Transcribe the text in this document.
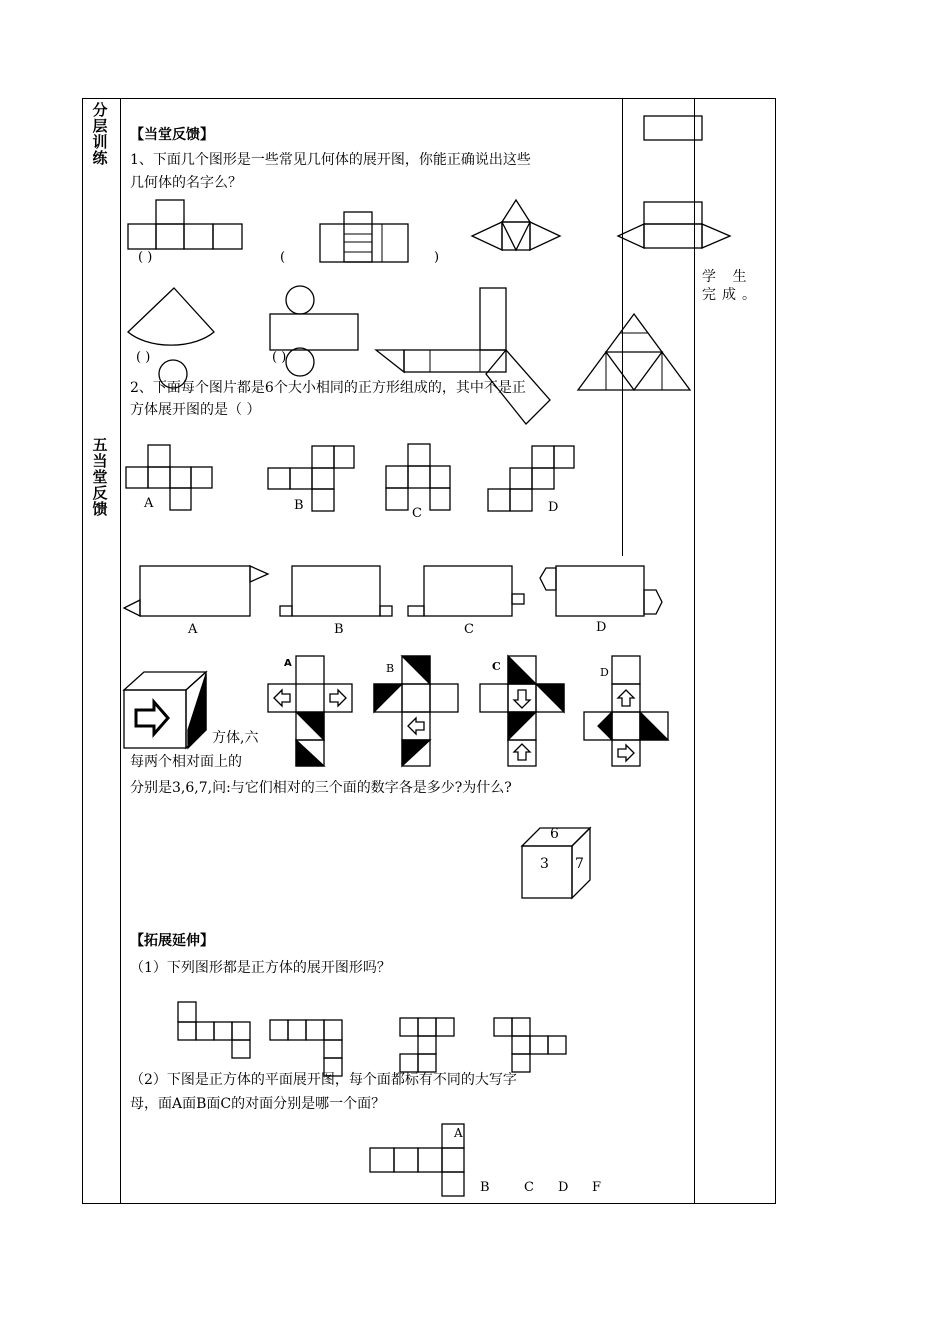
分层训练
五当堂反馈
学 生 完成。
【当堂反馈】
1、下面几个图形是一些常见几何体的展开图，你能正确说出这些
几何体的名字么？
( )	(	)
( )	( )
2、下面每个图片都是6个大小相同的正方形组成的，其中不是正
方体展开图的是（ ）
A	B
C	D
A	B	C	D
A	B	C	D
方体,六
每两个相对面上的
分别是3,6,7,问:与它们相对的三个面的数字各是多少?为什么?
6
3 7
【拓展延伸】
（1）下列图形都是正方体的展开图形吗？
（2）下图是正方体的平面展开图，每个面都标有不同的大写字
母，面A面B面C的对面分别是哪一个面？
A
B	C D F
